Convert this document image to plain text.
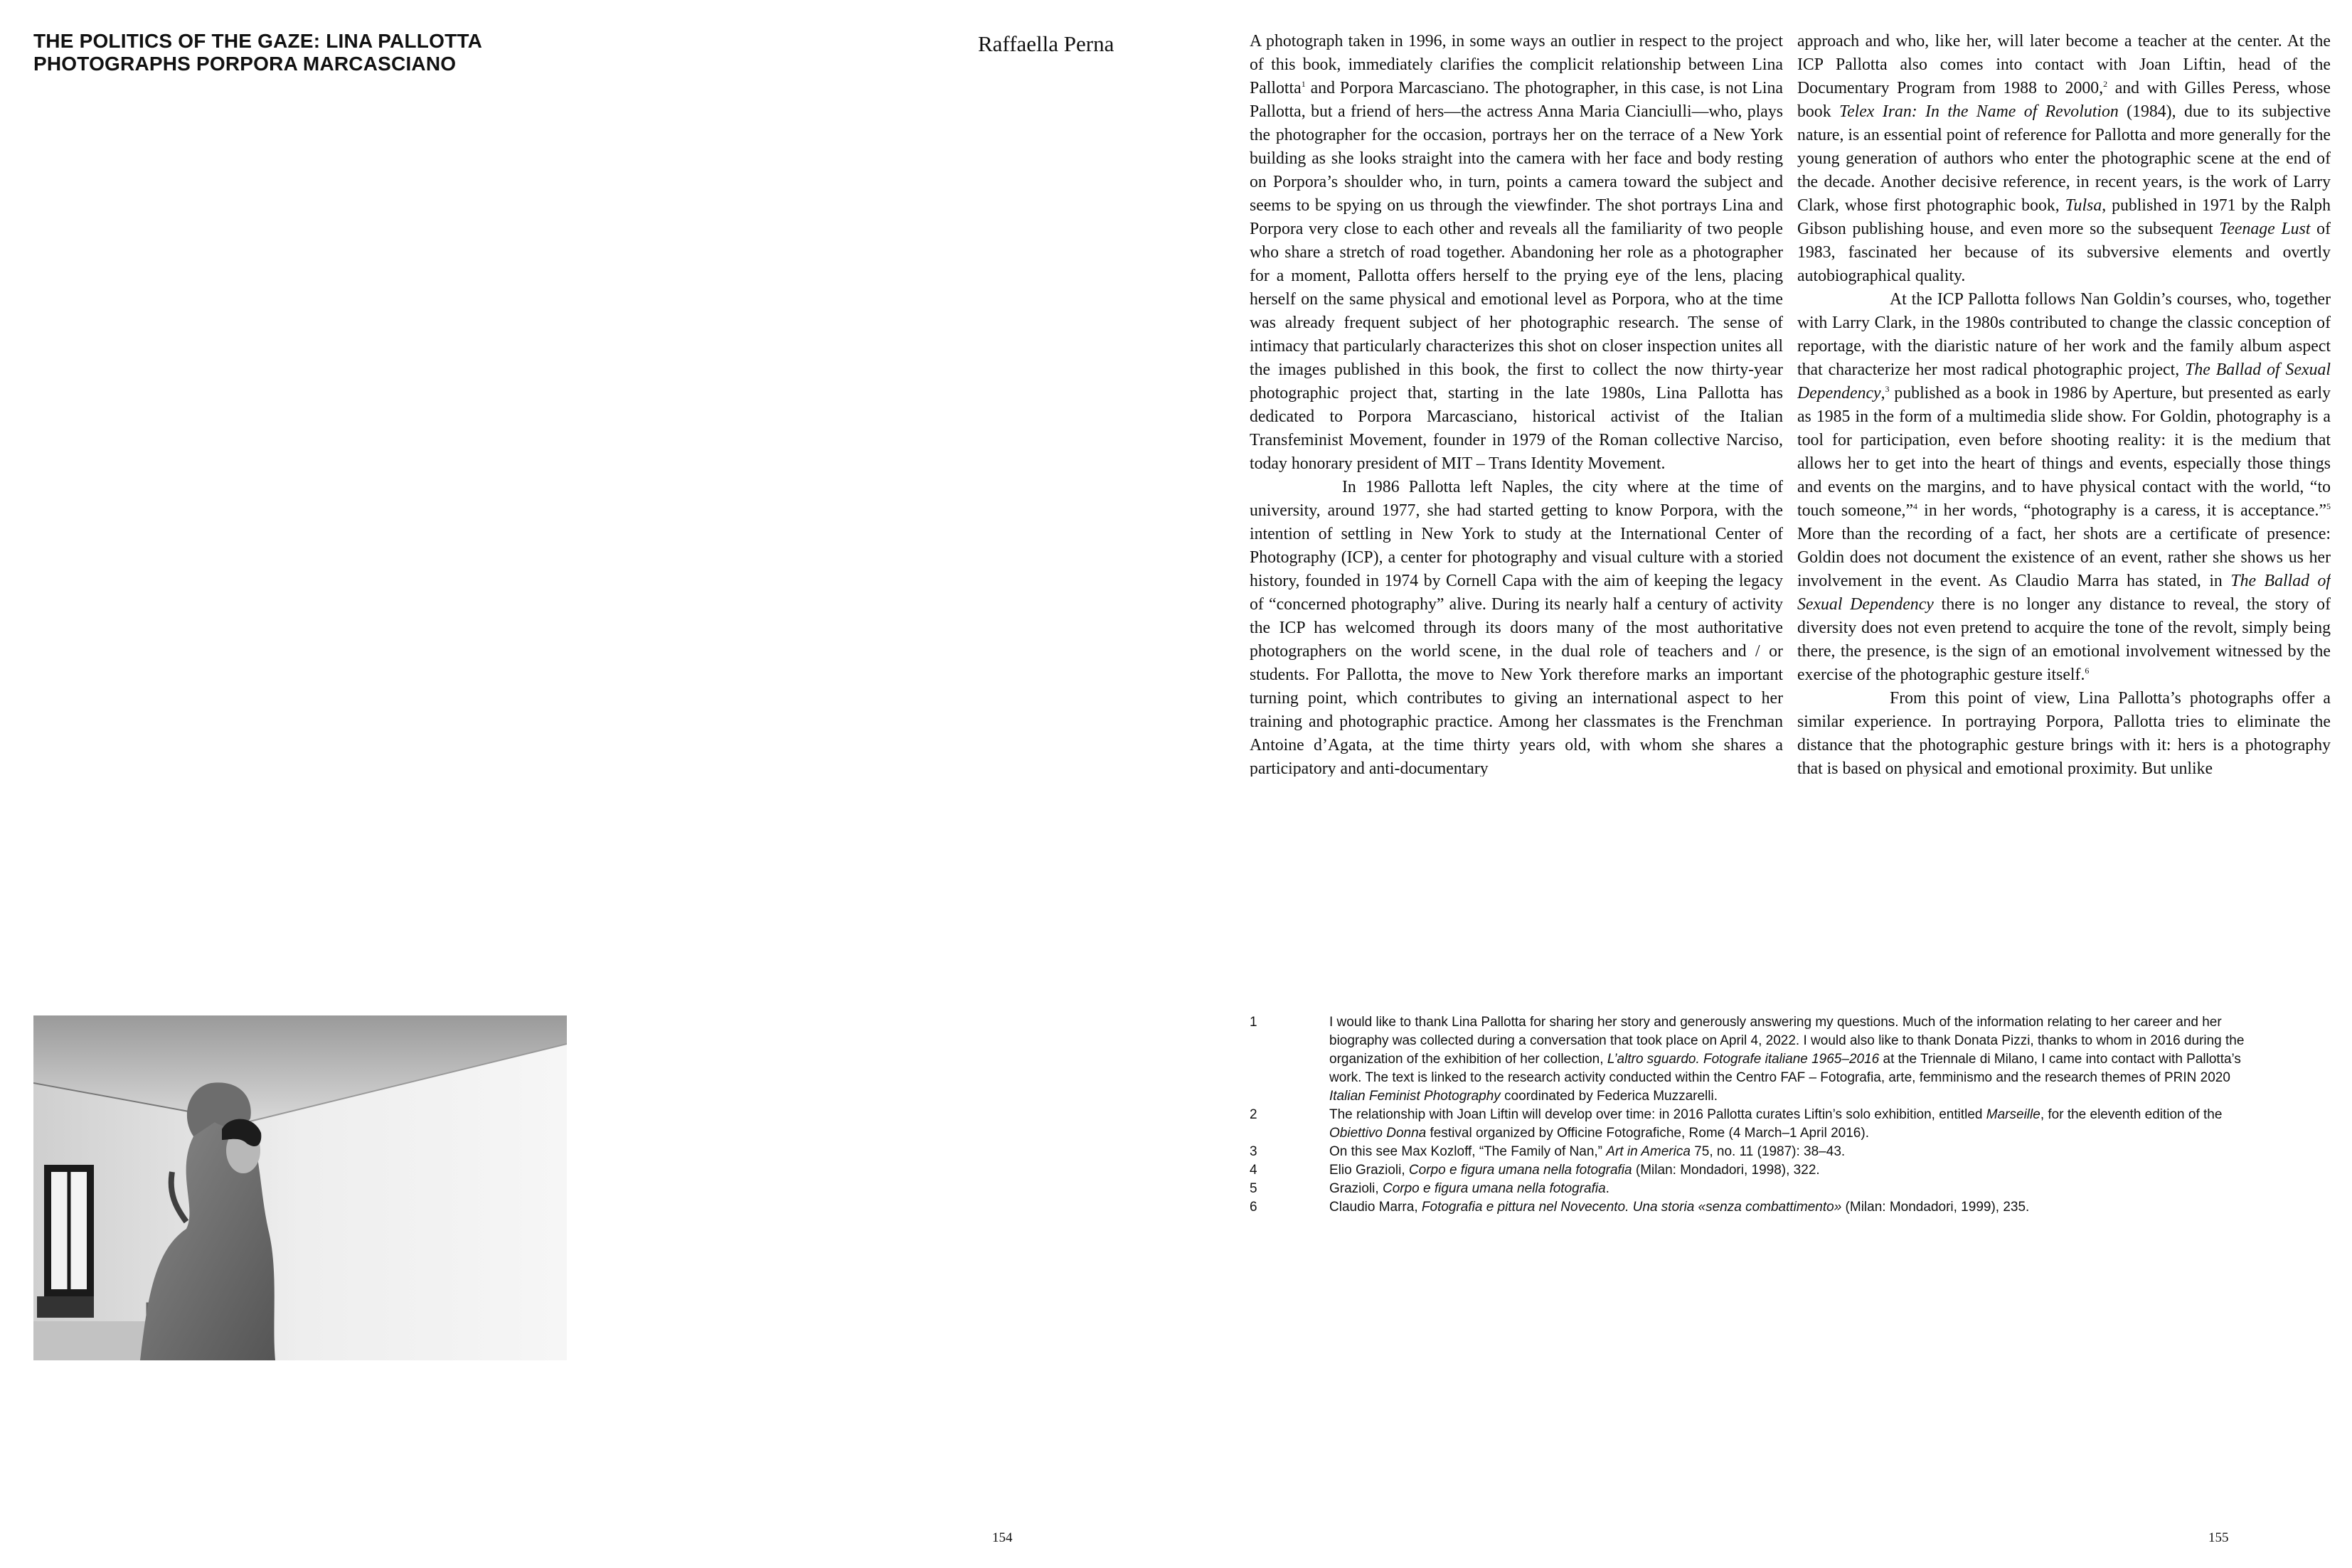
THE POLITICS OF THE GAZE: LINA PALLOTTA PHOTOGRAPHS PORPORA MARCASCIANO
Raffaella Perna	A photograph taken in 1996, in some ways an outlier in respect to the project of this book, immediately clarifies the complicit relationship between Lina Pallotta$^1$ and Porpora Marcasciano. The photographer, in this case, is not Lina Pallotta, but a friend of hers—the actress Anna Maria Cianciulli—who, plays the photographer for the occasion, portrays her on the terrace of a New York building as she looks straight into the camera with her face and body resting on Porpora’s shoulder who, in turn, points a camera toward the subject and seems to be spying on us through the viewfinder. The shot portrays Lina and Porpora very close to each other and reveals all the familiarity of two people who share a stretch of road together. Abandoning her role as a photographer for a moment, Pallotta offers herself to the prying eye of the lens, placing herself on the same physical and emotional level as Porpora, who at the time was already frequent subject of her photographic research. The sense of intimacy that particularly characterizes this shot on closer inspection unites all the images published in this book, the first to collect the now thirty-year photographic project that, starting in the late 1980s, Lina Pallotta has dedicated to Porpora Marcasciano, historical activist of the Italian Transfeminist Movement, founder in 1979 of the Roman collective Narciso, today honorary president of MIT – Trans Identity Movement.

In 1986 Pallotta left Naples, the city where at the time of university, around 1977, she had started getting to know Porpora, with the intention of settling in New York to study at the International Center of Photography (ICP), a center for photography and visual culture with a storied history, founded in 1974 by Cornell Capa with the aim of keeping the legacy of “concerned photography” alive. During its nearly half a century of activity the ICP has welcomed through its doors many of the most authoritative photographers on the world scene, in the dual role of teachers and / or students. For Pallotta, the move to New York therefore marks an important turning point, which contributes to giving an international aspect to her training and photographic practice. Among her classmates is the Frenchman Antoine d’Agata, at the time thirty years old, with whom she shares a participatory and anti-documentary

approach and who, like her, will later become a teacher at the center. At the ICP Pallotta also comes into contact with Joan Liftin, head of the Documentary Program from 1988 to 2000,$^2$ and with Gilles Peress, whose book Telex Iran: In the Name of Revolution (1984), due to its subjective nature, is an essential point of reference for Pallotta and more generally for the young generation of authors who enter the photographic scene at the end of the decade. Another decisive reference, in recent years, is the work of Larry Clark, whose first photographic book, Tulsa, published in 1971 by the Ralph Gibson publishing house, and even more so the subsequent Teenage Lust of 1983, fascinated her because of its subversive elements and overtly autobiographical quality.

At the ICP Pallotta follows Nan Goldin’s courses, who, together with Larry Clark, in the 1980s contributed to change the classic conception of reportage, with the diaristic nature of her work and the family album aspect that characterize her most radical photographic project, The Ballad of Sexual Dependency,$^3$ published as a book in 1986 by Aperture, but presented as early as 1985 in the form of a multimedia slide show. For Goldin, photography is a tool for participation, even before shooting reality: it is the medium that allows her to get into the heart of things and events, especially those things and events on the margins, and to have physical contact with the world, “to touch someone,”$^4$ in her words, “photography is a caress, it is acceptance.”$^5$ More than the recording of a fact, her shots are a certificate of presence: Goldin does not document the existence of an event, rather she shows us her involvement in the event. As Claudio Marra has stated, in The Ballad of Sexual Dependency there is no longer any distance to reveal, the story of diversity does not even pretend to acquire the tone of the revolt, simply being there, the presence, is the sign of an emotional involvement witnessed by the exercise of the photographic gesture itself.$^6$

From this point of view, Lina Pallotta’s photographs offer a similar experience. In portraying Porpora, Pallotta tries to eliminate the distance that the photographic gesture brings with it: hers is a photography that is based on physical and emotional proximity. But unlike

1	I would like to thank Lina Pallotta for sharing her story and generously answering my questions. Much of the information relating to her career and her biography was collected during a conversation that took place on April 4, 2022. I would also like to thank Donata Pizzi, thanks to whom in 2016 during the organization of the exhibition of her collection, L’altro sguardo. Fotografe italiane 1965–2016 at the Triennale di Milano, I came into contact with Pallotta’s work. The text is linked to the research activity conducted within the Centro FAF – Fotografia, arte, femminismo and the research themes of PRIN 2020 Italian Feminist Photography coordinated by Federica Muzzarelli.
2	The relationship with Joan Liftin will develop over time: in 2016 Pallotta curates Liftin’s solo exhibition, entitled Marseille, for the eleventh edition of the Obiettivo Donna festival organized by Officine Fotografiche, Rome (4 March–1 April 2016).
3	On this see Max Kozloff, “The Family of Nan,” Art in America 75, no. 11 (1987): 38–43.
4	Elio Grazioli, Corpo e figura umana nella fotografia (Milan: Mondadori, 1998), 322.
5	Grazioli, Corpo e figura umana nella fotografia.
6	Claudio Marra, Fotografia e pittura nel Novecento. Una storia «senza combattimento» (Milan: Mondadori, 1999), 235.
154	155
